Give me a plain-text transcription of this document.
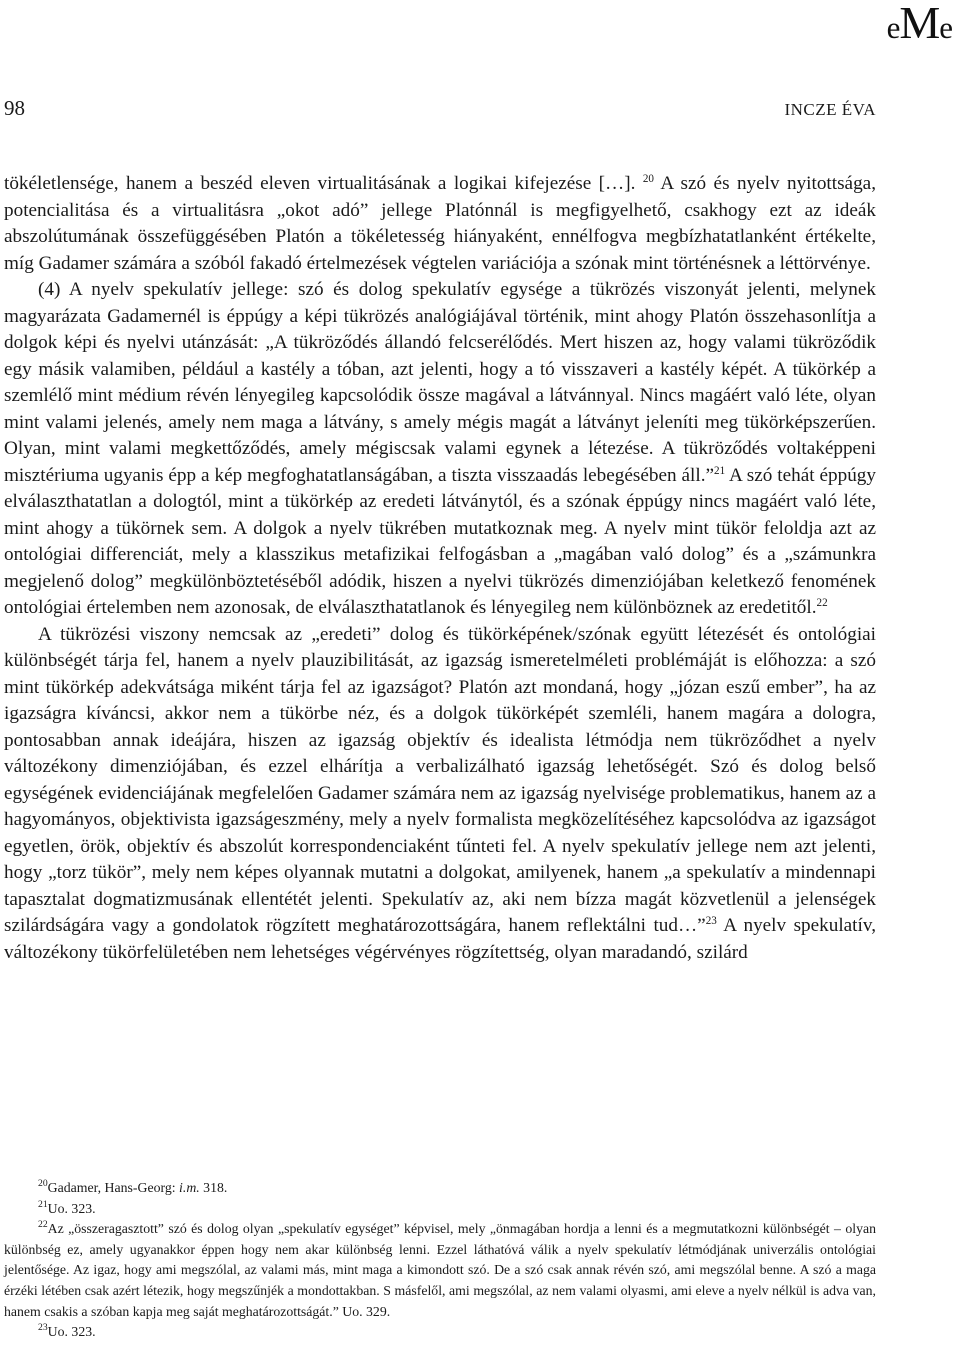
eMe
98	INCZE ÉVA

tökéletlensége, hanem a beszéd eleven virtualitásának a logikai kifejezése […]. $^{20}$ A szó és nyelv nyitottsága, potencialitása és a virtualitásra „okot adó” jellege Platónnál is megfigyelhető, csakhogy ezt az ideák abszolútumának összefüggésében Platón a tökéletesség hiányaként, ennélfogva megbízhatatlanként értékelte, míg Gadamer számára a szóból fakadó értelmezések végtelen variációja a szónak mint történésnek a léttörvénye.

(4) A nyelv spekulatív jellege: szó és dolog spekulatív egysége a tükrözés viszonyát jelenti, melynek magyarázata Gadamernél is éppúgy a képi tükrözés analógiájával történik, mint ahogy Platón összehasonlítja a dolgok képi és nyelvi utánzását: „A tükröződés állandó felcserélődés. Mert hiszen az, hogy valami tükröződik egy másik valamiben, például a kastély a tóban, azt jelenti, hogy a tó visszaveri a kastély képét. A tükörkép a szemlélő mint médium révén lényegileg kapcsolódik össze magával a látvánnyal. Nincs magáért való léte, olyan mint valami jelenés, amely nem maga a látvány, s amely mégis magát a látványt jeleníti meg tükörképszerűen. Olyan, mint valami megkettőződés, amely mégiscsak valami egynek a létezése. A tükröződés voltaképpeni misztériuma ugyanis épp a kép megfoghatatlanságában, a tiszta visszaadás lebegésében áll.”$^{21}$ A szó tehát éppúgy elválaszthatatlan a dologtól, mint a tükörkép az eredeti látványtól, és a szónak éppúgy nincs magáért való léte, mint ahogy a tükörnek sem. A dolgok a nyelv tükrében mutatkoznak meg. A nyelv mint tükör feloldja azt az ontológiai differenciát, mely a klasszikus metafizikai felfogásban a „magában való dolog” és a „számunkra megjelenő dolog” megkülönböztetéséből adódik, hiszen a nyelvi tükrözés dimenziójában keletkező fenomének ontológiai értelemben nem azonosak, de elválaszthatatlanok és lényegileg nem különböznek az eredetitől.$^{22}$

A tükrözési viszony nemcsak az „eredeti” dolog és tükörképének/szónak együtt létezését és ontológiai különbségét tárja fel, hanem a nyelv plauzibilitását, az igazság ismeretelméleti problémáját is előhozza: a szó mint tükörkép adekvátsága miként tárja fel az igazságot? Platón azt mondaná, hogy „józan eszű ember”, ha az igazságra kíváncsi, akkor nem a tükörbe néz, és a dolgok tükörképét szemléli, hanem magára a dologra, pontosabban annak ideájára, hiszen az igazság objektív és idealista létmódja nem tükröződhet a nyelv változékony dimenziójában, és ezzel elhárítja a verbalizálható igazság lehetőségét. Szó és dolog belső egységének evidenciájának megfelelően Gadamer számára nem az igazság nyelvisége problematikus, hanem az a hagyományos, objektivista igazságeszmény, mely a nyelv formalista megközelítéséhez kapcsolódva az igazságot egyetlen, örök, objektív és abszolút korrespondenciaként tűnteti fel. A nyelv spekulatív jellege nem azt jelenti, hogy „torz tükör”, mely nem képes olyannak mutatni a dolgokat, amilyenek, hanem „a spekulatív a mindennapi tapasztalat dogmatizmusának ellentétét jelenti. Spekulatív az, aki nem bízza magát közvetlenül a jelenségek szilárdságára vagy a gondolatok rögzített meghatározottságára, hanem reflektálni tud…”$^{23}$ A nyelv spekulatív, változékony tükörfelületében nem lehetséges végérvényes rögzítettség, olyan maradandó, szilárd

$^{20}$Gadamer, Hans-Georg: i.m. 318.

$^{21}$Uo. 323.

$^{22}$Az „összeragasztott” szó és dolog olyan „spekulatív egységet” képvisel, mely „önmagában hordja a lenni és a megmutatkozni különbségét – olyan különbség ez, amely ugyanakkor éppen hogy nem akar különbség lenni. Ezzel láthatóvá válik a nyelv spekulatív létmódjának univerzális ontológiai jelentősége. Az igaz, hogy ami megszólal, az valami más, mint maga a kimondott szó. De a szó csak annak révén szó, ami megszólal benne. A szó a maga érzéki létében csak azért létezik, hogy megszűnjék a mondottakban. S másfelől, ami megszólal, az nem valami olyasmi, ami eleve a nyelv nélkül is adva van, hanem csakis a szóban kapja meg saját meghatározottságát.” Uo. 329.

$^{23}$Uo. 323.
